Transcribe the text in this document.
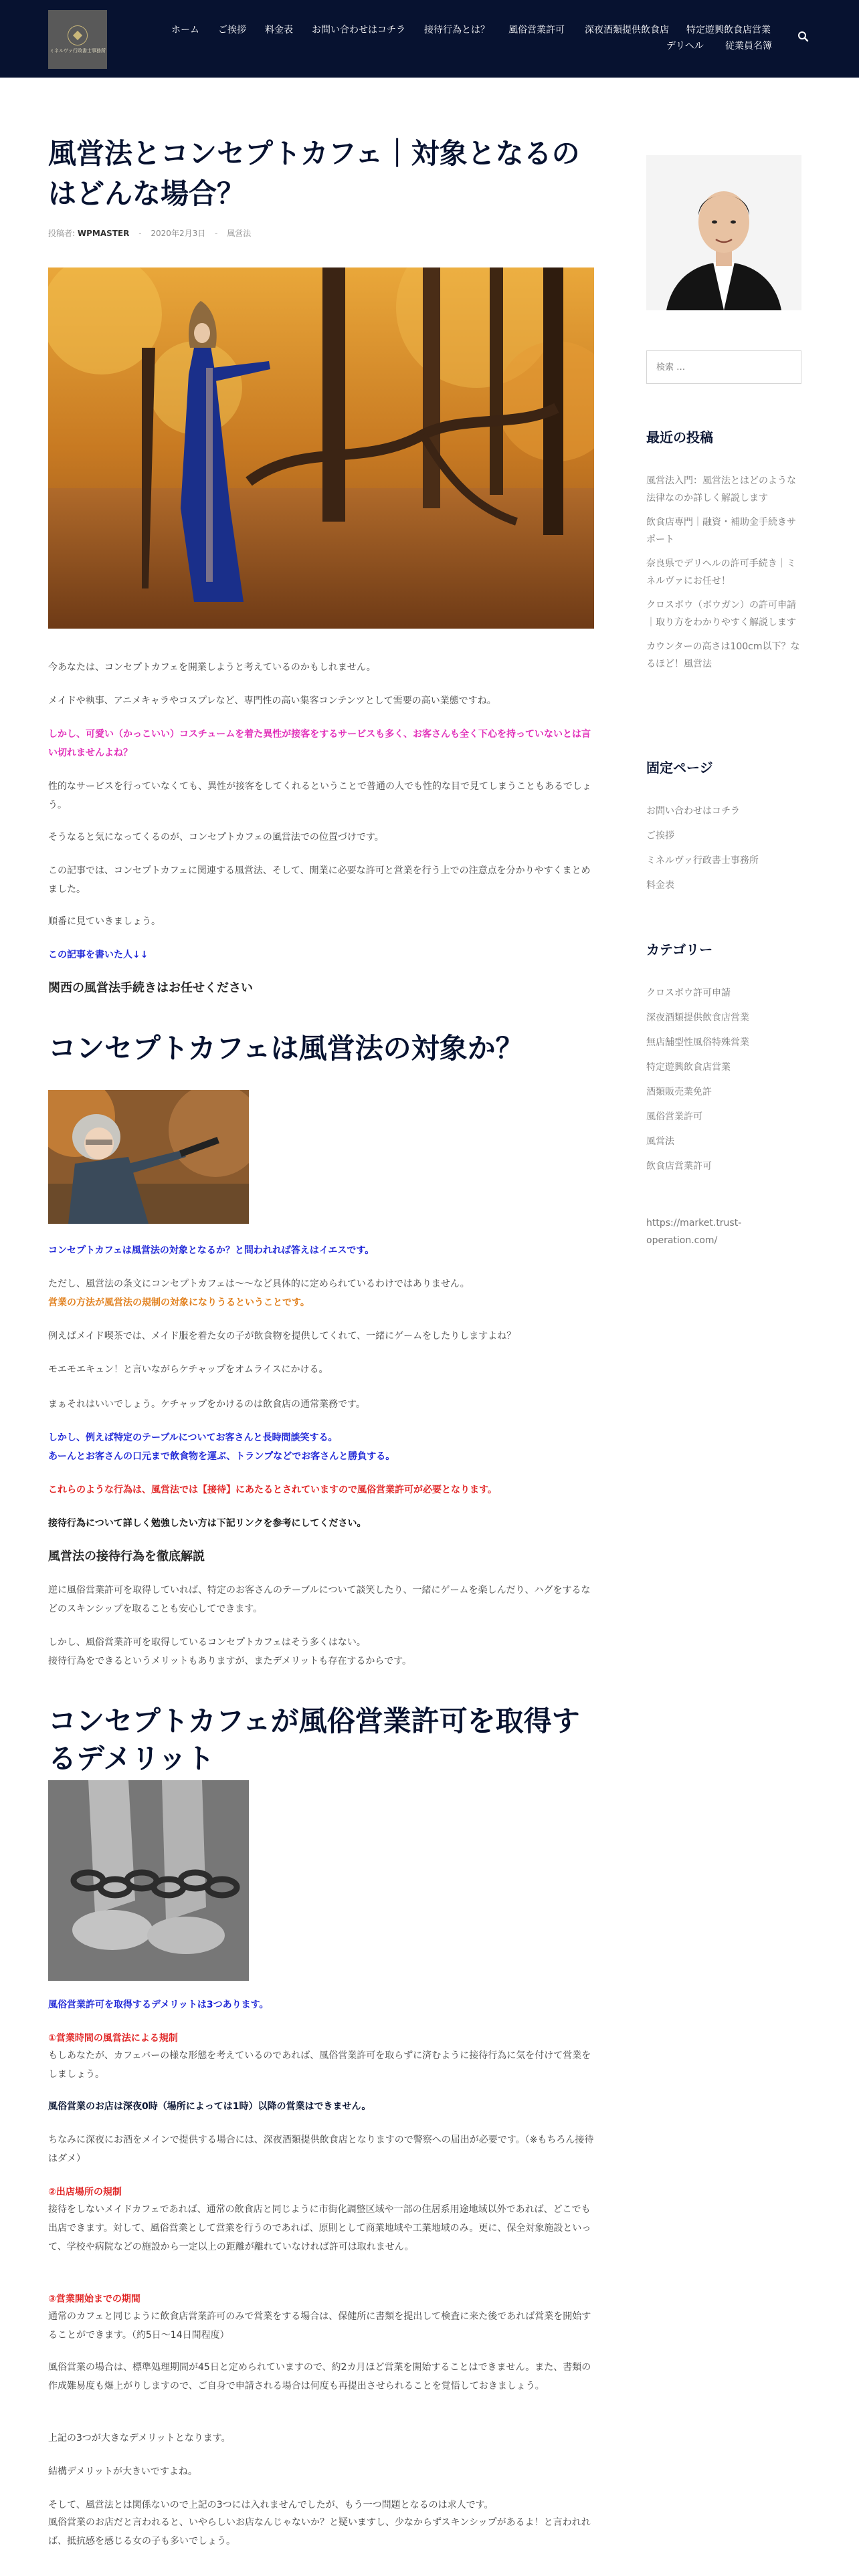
ミネルヴァ行政書士事務所
ホーム ご挨拶 料金表 お問い合わせはコチラ 接待行為とは？ 風俗営業許可 深夜酒類提供飲食店 特定遊興飲食店営業
デリヘル 従業員名簿
風営法とコンセプトカフェ｜対象となるのはどんな場合？
投稿者: WPMASTER - 2020年2月3日 - 風営法

今あなたは、コンセプトカフェを開業しようと考えているのかもしれません。

メイドや執事、アニメキャラやコスプレなど、専門性の高い集客コンテンツとして需要の高い業態ですね。

しかし、可愛い（かっこいい）コスチュームを着た異性が接客をするサービスも多く、お客さんも全く下心を持っていないとは言い切れませんよね？

性的なサービスを行っていなくても、異性が接客をしてくれるということで普通の人でも性的な目で見てしまうこともあるでしょう。

そうなると気になってくるのが、コンセプトカフェの風営法での位置づけです。

この記事では、コンセプトカフェに関連する風営法、そして、開業に必要な許可と営業を行う上での注意点を分かりやすくまとめました。

順番に見ていきましょう。

この記事を書いた人↓↓

関西の風営法手続きはお任せください
コンセプトカフェは風営法の対象か？

コンセプトカフェは風営法の対象となるか？と問われれば答えはイエスです。

ただし、風営法の条文にコンセプトカフェは〜〜など具体的に定められているわけではありません。

営業の方法が風営法の規制の対象になりうるということです。

例えばメイド喫茶では、メイド服を着た女の子が飲食物を提供してくれて、一緒にゲームをしたりしますよね？

モエモエキュン！と言いながらケチャップをオムライスにかける。

まぁそれはいいでしょう。ケチャップをかけるのは飲食店の通常業務です。

しかし、例えば特定のテーブルについてお客さんと長時間談笑する。

あーんとお客さんの口元まで飲食物を運ぶ、トランプなどでお客さんと勝負する。

これらのような行為は、風営法では【接待】にあたるとされていますので風俗営業許可が必要となります。

接待行為について詳しく勉強したい方は下記リンクを参考にしてください。

風営法の接待行為を徹底解説

逆に風俗営業許可を取得していれば、特定のお客さんのテーブルについて談笑したり、一緒にゲームを楽しんだり、ハグをするなどのスキンシップを取ることも安心してできます。

しかし、風俗営業許可を取得しているコンセプトカフェはそう多くはない。

接待行為をできるというメリットもありますが、またデメリットも存在するからです。

コンセプトカフェが風俗営業許可を取得するデメリット

風俗営業許可を取得するデメリットは3つあります。

①営業時間の風営法による規制

もしあなたが、カフェバーの様な形態を考えているのであれば、風俗営業許可を取らずに済むように接待行為に気を付けて営業をしましょう。

風俗営業のお店は深夜0時（場所によっては1時）以降の営業はできません。

ちなみに深夜にお酒をメインで提供する場合には、深夜酒類提供飲食店となりますので警察への届出が必要です。（※もちろん接待はダメ）

②出店場所の規制

接待をしないメイドカフェであれば、通常の飲食店と同じように市街化調整区域や一部の住居系用途地域以外であれば、どこでも出店できます。対して、風俗営業として営業を行うのであれば、原則として商業地域や工業地域のみ。更に、保全対象施設といって、学校や病院などの施設から一定以上の距離が離れていなければ許可は取れません。

③営業開始までの期間

通常のカフェと同じように飲食店営業許可のみで営業をする場合は、保健所に書類を提出して検査に来た後であれば営業を開始することができます。（約5日〜14日間程度）

風俗営業の場合は、標準処理期間が45日と定められていますので、約2カ月ほど営業を開始することはできません。また、書類の作成難易度も爆上がりしますので、ご自身で申請される場合は何度も再提出させられることを覚悟しておきましょう。

上記の3つが大きなデメリットとなります。

結構デメリットが大きいですよね。

そして、風営法とは関係ないので上記の3つには入れませんでしたが、もう一つ問題となるのは求人です。

風俗営業のお店だと言われると、いやらしいお店なんじゃないか？と疑いますし、少なからずスキンシップがあるよ！と言われれば、抵抗感を感じる女の子も多いでしょう。

検索 …
最近の投稿
風営法入門：風営法とはどのような法律なのか詳しく解説します
飲食店専門｜融資・補助金手続きサポート
奈良県でデリヘルの許可手続き｜ミネルヴァにお任せ！
クロスボウ（ボウガン）の許可申請｜取り方をわかりやすく解説します
カウンターの高さは100cm以下？なるほど！風営法
固定ページ
お問い合わせはコチラ
ご挨拶
ミネルヴァ行政書士事務所
料金表
カテゴリー
クロスボウ許可申請
深夜酒類提供飲食店営業
無店舗型性風俗特殊営業
特定遊興飲食店営業
酒類販売業免許
風俗営業許可
風営法
飲食店営業許可
https://market.trust-operation.com/
